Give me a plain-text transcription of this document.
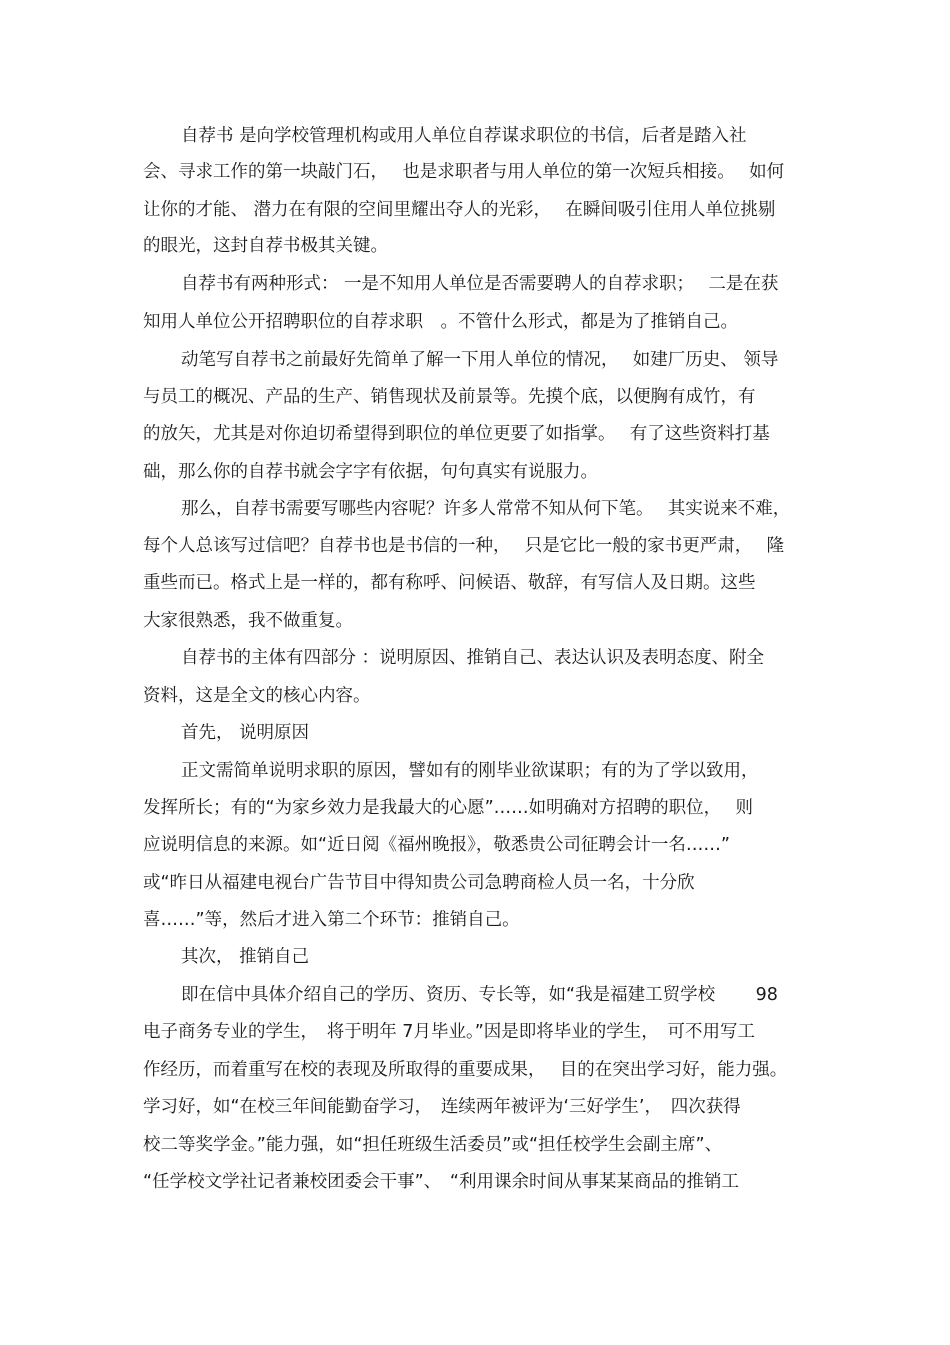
自荐书 是向学校管理机构或用人单位自荐谋求职位的书信，后者是踏入社

会、寻求工作的第一块敲门石，　 也是求职者与用人单位的第一次短兵相接。　 如何

让你的才能、 潜力在有限的空间里耀出夺人的光彩，　 在瞬间吸引住用人单位挑剔

的眼光，这封自荐书极其关键。

自荐书有两种形式： 一是不知用人单位是否需要聘人的自荐求职；　 二是在获

知用人单位公开招聘职位的自荐求职　。不管什么形式，都是为了推销自己。

动笔写自荐书之前最好先简单了解一下用人单位的情况，　 如建厂历史、 领导

与员工的概况、产品的生产、销售现状及前景等。先摸个底，以便胸有成竹，有

的放矢，尤其是对你迫切希望得到职位的单位更要了如指掌。　 有了这些资料打基

础，那么你的自荐书就会字字有依据，句句真实有说服力。

那么，自荐书需要写哪些内容呢？许多人常常不知从何下笔。　 其实说来不难，

每个人总该写过信吧？自荐书也是书信的一种，　 只是它比一般的家书更严肃，　 隆

重些而已。格式上是一样的，都有称呼、问候语、敬辞，有写信人及日期。这些

大家很熟悉，我不做重复。

自荐书的主体有四部分 ：说明原因、推销自己、表达认识及表明态度、附全

资料，这是全文的核心内容。

首先， 说明原因

正文需简单说明求职的原因，譬如有的刚毕业欲谋职；有的为了学以致用，

发挥所长；有的“为家乡效力是我最大的心愿”……如明确对方招聘的职位，　 则

应说明信息的来源。如“近日阅《福州晚报》，敬悉贵公司征聘会计一名……”

或“昨日从福建电视台广告节目中得知贵公司急聘商检人员一名，十分欣

喜……”等，然后才进入第二个环节：推销自己。

其次， 推销自己

即在信中具体介绍自己的学历、资历、专长等，如“我是福建工贸学校　　 98

电子商务专业的学生，　将于明年 7月毕业。”因是即将毕业的学生，　可不用写工

作经历，而着重写在校的表现及所取得的重要成果，　 目的在突出学习好，能力强。

学习好，如“在校三年间能勤奋学习，　连续两年被评为‘三好学生’，　四次获得

校二等奖学金。”能力强，如“担任班级生活委员”或“担任校学生会副主席”、

“任学校文学社记者兼校团委会干事”、　“利用课余时间从事某某商品的推销工
